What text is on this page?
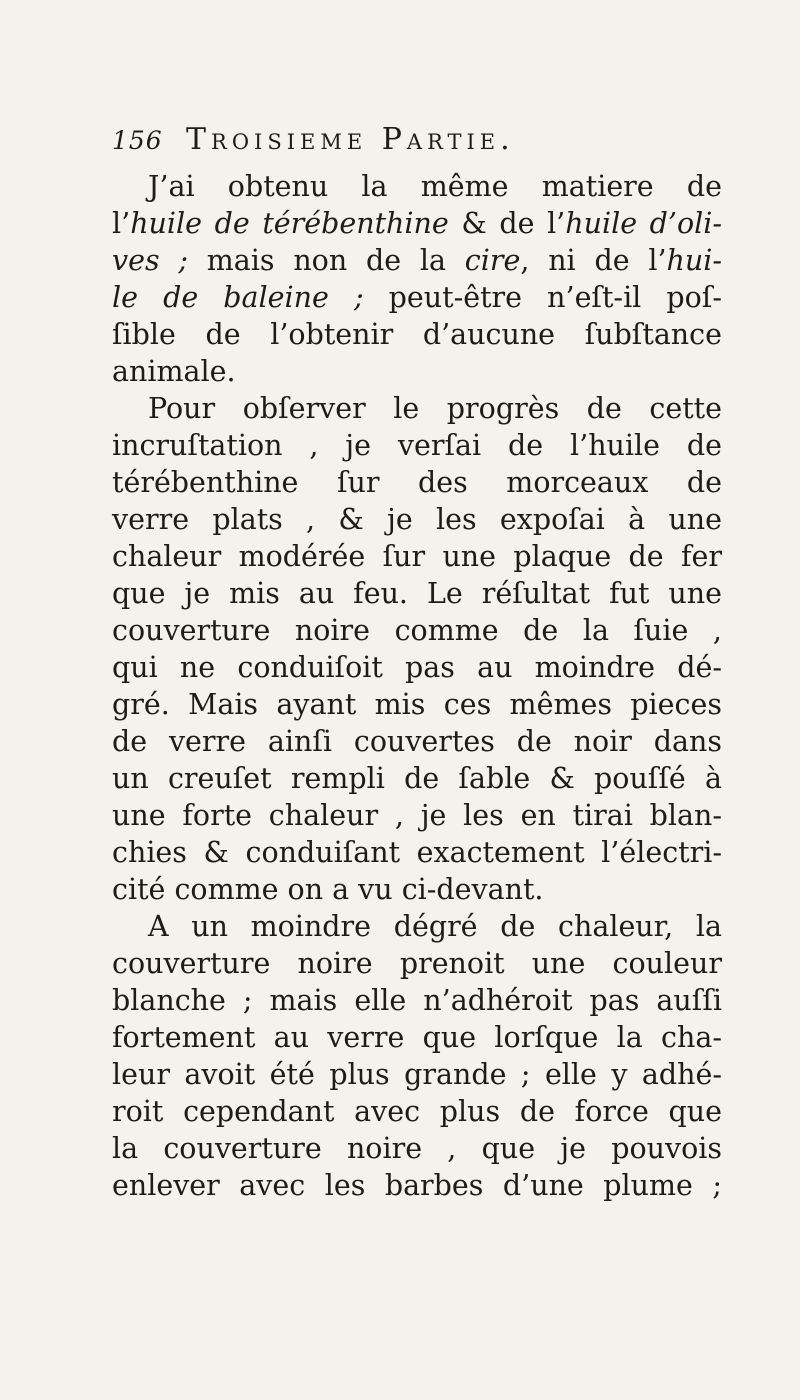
156 Troisieme Partie.
J’ai obtenu la même matiere de
l’huile de térébenthine & de l’huile d’oli-
ves ; mais non de la cire, ni de l’hui-
le de baleine ; peut-être n’eſt-il poſ-
ſible de l’obtenir d’aucune ſubſtance
animale.
Pour obſerver le progrès de cette
incruſtation , je verſai de l’huile de
térébenthine ſur des morceaux de
verre plats , & je les expoſai à une
chaleur modérée ſur une plaque de fer
que je mis au feu. Le réſultat fut une
couverture noire comme de la ſuie ,
qui ne conduiſoit pas au moindre dé-
gré. Mais ayant mis ces mêmes pieces
de verre ainſi couvertes de noir dans
un creuſet rempli de ſable & pouſſé à
une forte chaleur , je les en tirai blan-
chies & conduiſant exactement l’électri-
cité comme on a vu ci-devant.
A un moindre dégré de chaleur, la
couverture noire prenoit une couleur
blanche ; mais elle n’adhéroit pas auſſi
fortement au verre que lorſque la cha-
leur avoit été plus grande ; elle y adhé-
roit cependant avec plus de force que
la couverture noire , que je pouvois
enlever avec les barbes d’une plume ;
